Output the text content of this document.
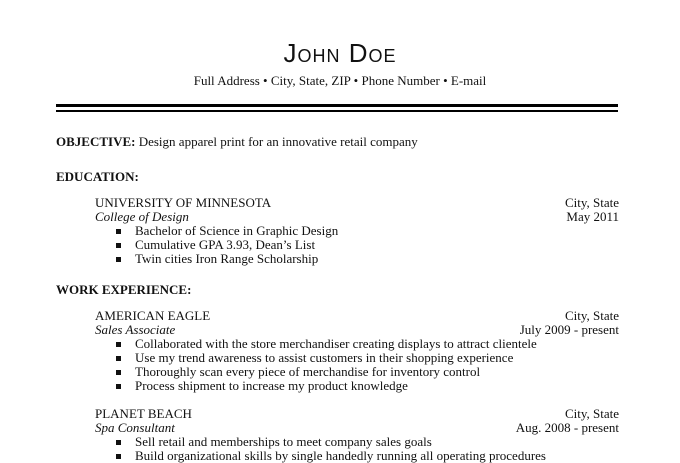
John Doe
Full Address • City, State, ZIP • Phone Number • E-mail
OBJECTIVE: Design apparel print for an innovative retail company
EDUCATION:
UNIVERSITY OF MINNESOTA	City, State
College of Design	May 2011
Bachelor of Science in Graphic Design
Cumulative GPA 3.93, Dean’s List
Twin cities Iron Range Scholarship
WORK EXPERIENCE:
AMERICAN EAGLE	City, State
Sales Associate	July 2009 - present
Collaborated with the store merchandiser creating displays to attract clientele
Use my trend awareness to assist customers in their shopping experience
Thoroughly scan every piece of merchandise for inventory control
Process shipment to increase my product knowledge
PLANET BEACH	City, State
Spa Consultant	Aug. 2008 - present
Sell retail and memberships to meet company sales goals
Build organizational skills by single handedly running all operating procedures
